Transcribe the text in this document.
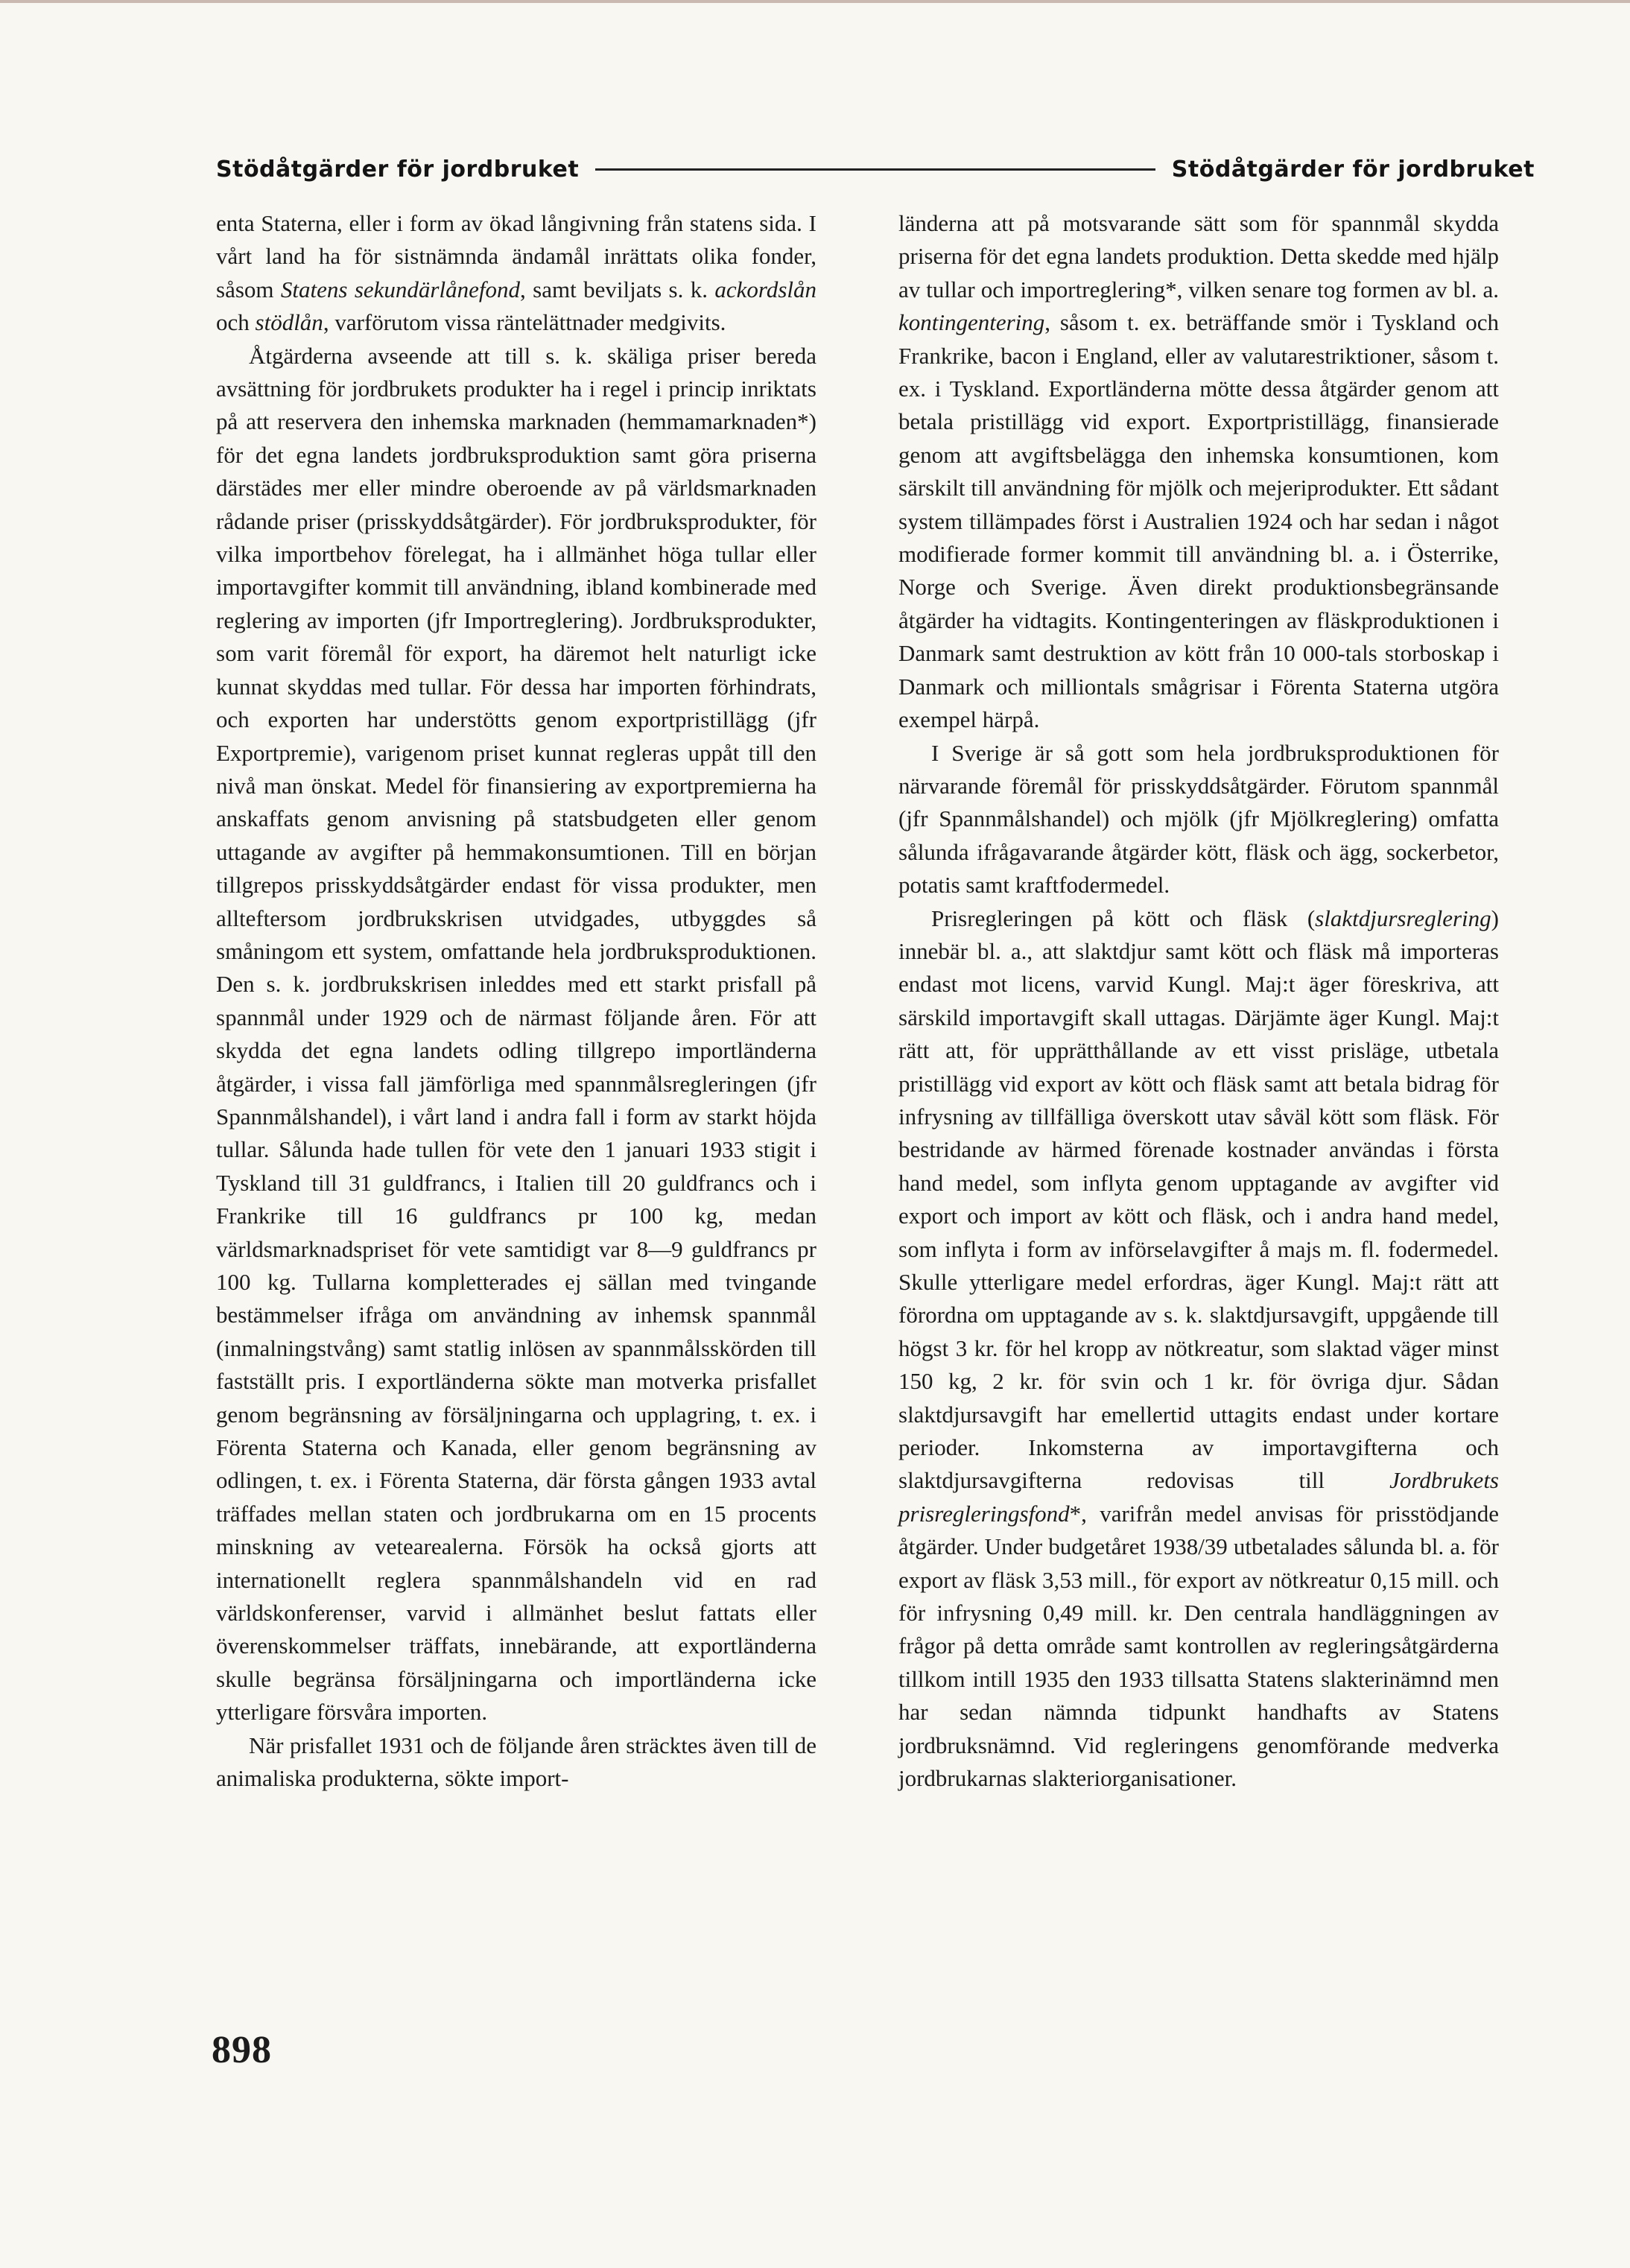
Stödåtgärder för jordbruket	Stödåtgärder för jordbruket

enta Staterna, eller i form av ökad långivning från statens sida. I vårt land ha för sistnämnda ändamål inrättats olika fonder, såsom Statens sekundärlånefond, samt beviljats s. k. ackordslån och stödlån, varförutom vissa räntelättnader medgivits.

Åtgärderna avseende att till s. k. skäliga priser bereda avsättning för jordbrukets produkter ha i regel i princip inriktats på att reservera den inhemska marknaden (hemmamarknaden*) för det egna landets jordbruksproduktion samt göra priserna därstädes mer eller mindre oberoende av på världsmarknaden rådande priser (prisskyddsåtgärder). För jordbruksprodukter, för vilka importbehov förelegat, ha i allmänhet höga tullar eller importavgifter kommit till användning, ibland kombinerade med reglering av importen (jfr Importreglering). Jordbruksprodukter, som varit föremål för export, ha däremot helt naturligt icke kunnat skyddas med tullar. För dessa har importen förhindrats, och exporten har understötts genom exportpristillägg (jfr Exportpremie), varigenom priset kunnat regleras uppåt till den nivå man önskat. Medel för finansiering av exportpremierna ha anskaffats genom anvisning på statsbudgeten eller genom uttagande av avgifter på hemmakonsumtionen. Till en början tillgrepos prisskyddsåtgärder endast för vissa produkter, men allteftersom jordbrukskrisen utvidgades, utbyggdes så småningom ett system, omfattande hela jordbruksproduktionen. Den s. k. jordbrukskrisen inleddes med ett starkt prisfall på spannmål under 1929 och de närmast följande åren. För att skydda det egna landets odling tillgrepo importländerna åtgärder, i vissa fall jämförliga med spannmålsregleringen (jfr Spannmålshandel), i vårt land i andra fall i form av starkt höjda tullar. Sålunda hade tullen för vete den 1 januari 1933 stigit i Tyskland till 31 guldfrancs, i Italien till 20 guldfrancs och i Frankrike till 16 guldfrancs pr 100 kg, medan världsmarknadspriset för vete samtidigt var 8—9 guldfrancs pr 100 kg. Tullarna kompletterades ej sällan med tvingande bestämmelser ifråga om användning av inhemsk spannmål (inmalningstvång) samt statlig inlösen av spannmålsskörden till fastställt pris. I exportländerna sökte man motverka prisfallet genom begränsning av försäljningarna och upplagring, t. ex. i Förenta Staterna och Kanada, eller genom begränsning av odlingen, t. ex. i Förenta Staterna, där första gången 1933 avtal träffades mellan staten och jordbrukarna om en 15 procents minskning av vetearealerna. Försök ha också gjorts att internationellt reglera spannmålshandeln vid en rad världskonferenser, varvid i allmänhet beslut fattats eller överenskommelser träffats, innebärande, att exportländerna skulle begränsa försäljningarna och importländerna icke ytterligare försvåra importen.

När prisfallet 1931 och de följande åren sträcktes även till de animaliska produkterna, sökte import-

länderna att på motsvarande sätt som för spannmål skydda priserna för det egna landets produktion. Detta skedde med hjälp av tullar och importreglering*, vilken senare tog formen av bl. a. kontingentering, såsom t. ex. beträffande smör i Tyskland och Frankrike, bacon i England, eller av valutarestriktioner, såsom t. ex. i Tyskland. Exportländerna mötte dessa åtgärder genom att betala pristillägg vid export. Exportpristillägg, finansierade genom att avgiftsbelägga den inhemska konsumtionen, kom särskilt till användning för mjölk och mejeriprodukter. Ett sådant system tillämpades först i Australien 1924 och har sedan i något modifierade former kommit till användning bl. a. i Österrike, Norge och Sverige. Även direkt produktionsbegränsande åtgärder ha vidtagits. Kontingenteringen av fläskproduktionen i Danmark samt destruktion av kött från 10 000-tals storboskap i Danmark och milliontals smågrisar i Förenta Staterna utgöra exempel härpå.

I Sverige är så gott som hela jordbruksproduktionen för närvarande föremål för prisskyddsåtgärder. Förutom spannmål (jfr Spannmålshandel) och mjölk (jfr Mjölkreglering) omfatta sålunda ifrågavarande åtgärder kött, fläsk och ägg, sockerbetor, potatis samt kraftfodermedel.

Prisregleringen på kött och fläsk (slaktdjursreglering) innebär bl. a., att slaktdjur samt kött och fläsk må importeras endast mot licens, varvid Kungl. Maj:t äger föreskriva, att särskild importavgift skall uttagas. Därjämte äger Kungl. Maj:t rätt att, för upprätthållande av ett visst prisläge, utbetala pristillägg vid export av kött och fläsk samt att betala bidrag för infrysning av tillfälliga överskott utav såväl kött som fläsk. För bestridande av härmed förenade kostnader användas i första hand medel, som inflyta genom upptagande av avgifter vid export och import av kött och fläsk, och i andra hand medel, som inflyta i form av införselavgifter å majs m. fl. fodermedel. Skulle ytterligare medel erfordras, äger Kungl. Maj:t rätt att förordna om upptagande av s. k. slaktdjursavgift, uppgående till högst 3 kr. för hel kropp av nötkreatur, som slaktad väger minst 150 kg, 2 kr. för svin och 1 kr. för övriga djur. Sådan slaktdjursavgift har emellertid uttagits endast under kortare perioder. Inkomsterna av importavgifterna och slaktdjursavgifterna redovisas till Jordbrukets prisregleringsfond*, varifrån medel anvisas för prisstödjande åtgärder. Under budgetåret 1938/39 utbetalades sålunda bl. a. för export av fläsk 3,53 mill., för export av nötkreatur 0,15 mill. och för infrysning 0,49 mill. kr. Den centrala handläggningen av frågor på detta område samt kontrollen av regleringsåtgärderna tillkom intill 1935 den 1933 tillsatta Statens slakterinämnd men har sedan nämnda tidpunkt handhafts av Statens jordbruksnämnd. Vid regleringens genomförande medverka jordbrukarnas slakteriorganisationer.

898
